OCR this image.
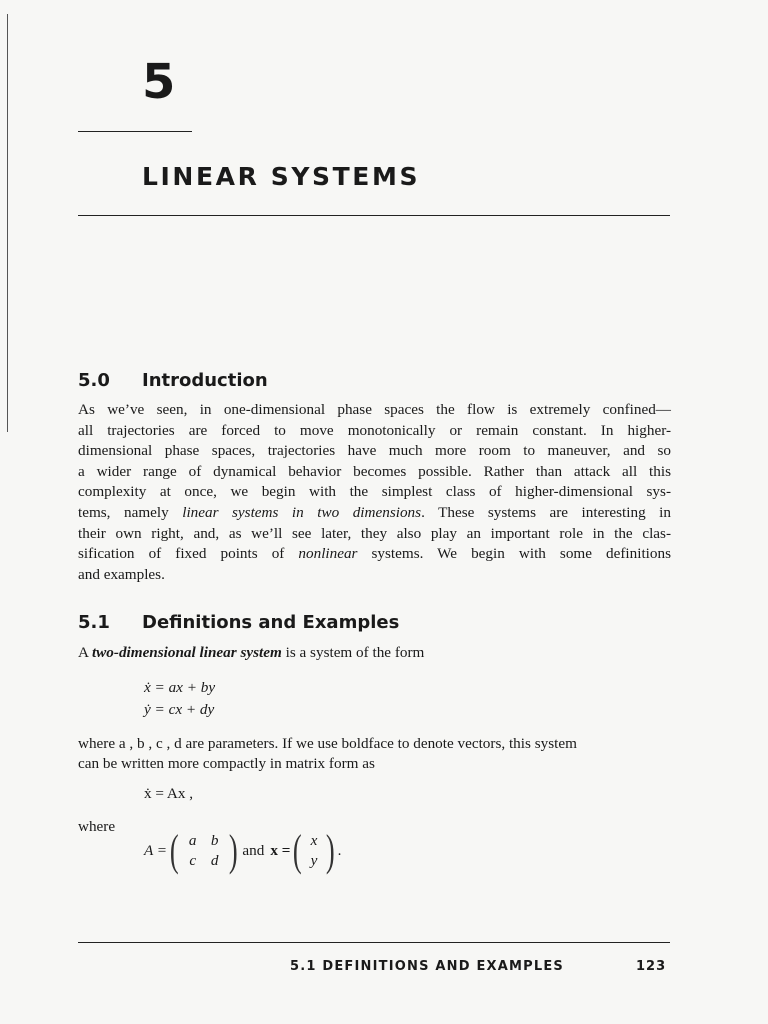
5
LINEAR SYSTEMS
5.0 Introduction
As we’ve seen, in one-dimensional phase spaces the flow is extremely confined—
all trajectories are forced to move monotonically or remain constant. In higher-
dimensional phase spaces, trajectories have much more room to maneuver, and so
a wider range of dynamical behavior becomes possible. Rather than attack all this
complexity at once, we begin with the simplest class of higher-dimensional sys-
tems, namely linear systems in two dimensions. These systems are interesting in
their own right, and, as we’ll see later, they also play an important role in the clas-
sification of fixed points of nonlinear systems. We begin with some definitions
and examples.
5.1 Definitions and Examples
A two-dimensional linear system is a system of the form
ẋ = ax + by
ẏ = cx + dy
where a , b , c , d are parameters. If we use boldface to denote vectors, this system
can be written more compactly in matrix form as
ẋ = Ax ,
where
A = ( a b
c d ) and x = ( x
y ) .
5.1 DEFINITIONS AND EXAMPLES	123
